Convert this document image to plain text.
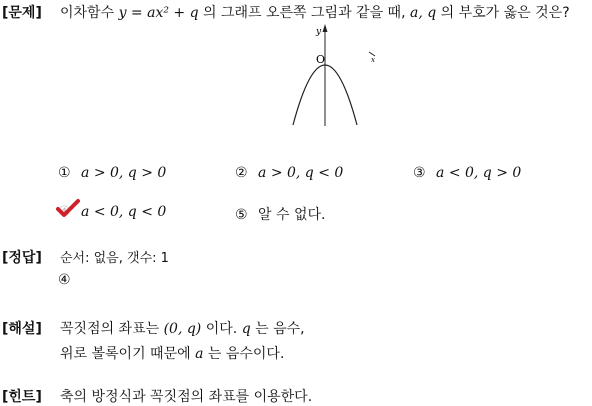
[문제] 이차함수 y = ax² + q 의 그래프 오른쪽 그림과 같을 때, a, q 의 부호가 옳은 것은?
y
O	x
① a > 0, q > 0	② a > 0, q < 0	③ a < 0, q > 0
④ a < 0, q < 0	⑤ 알 수 없다.
[정답] 순서: 없음, 갯수: 1
④
[해설] 꼭짓점의 좌표는 (0, q) 이다. q 는 음수,
위로 볼록이기 때문에 a 는 음수이다.
[힌트] 축의 방정식과 꼭짓점의 좌표를 이용한다.
